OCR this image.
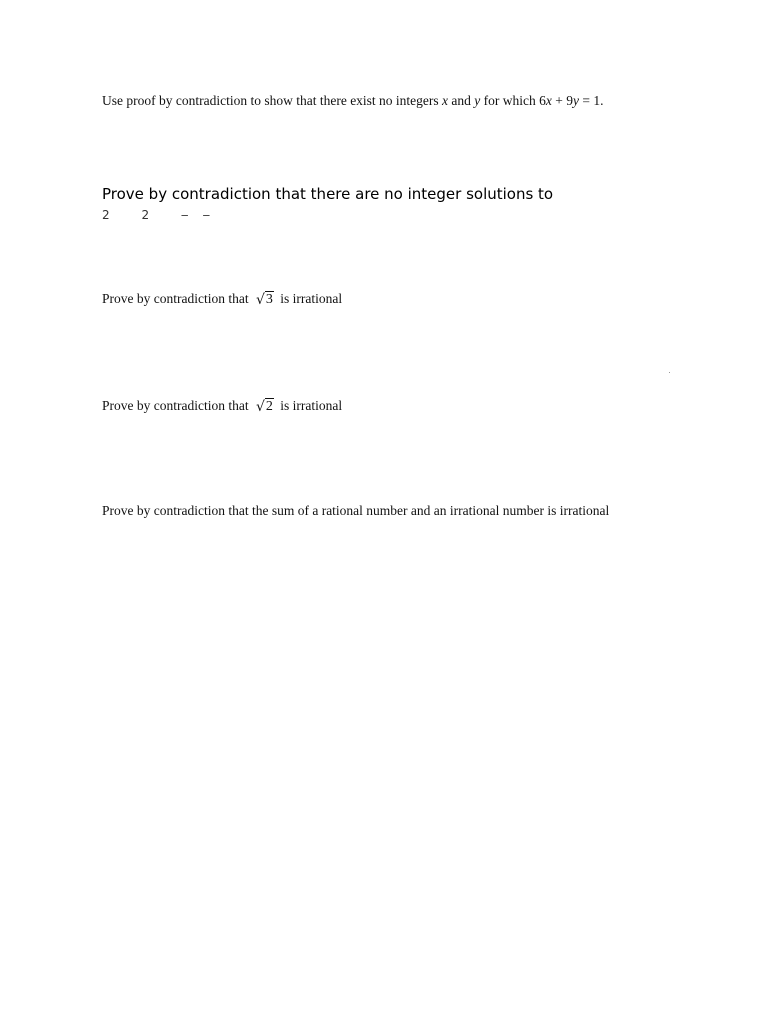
Use proof by contradiction to show that there exist no integers x and y for which 6x + 9y = 1.
Prove by contradiction that there are no integer solutions to
2 2 ‒‒
Prove by contradiction that √3 is irrational
Prove by contradiction that √2 is irrational
Prove by contradiction that the sum of a rational number and an irrational number is irrational
